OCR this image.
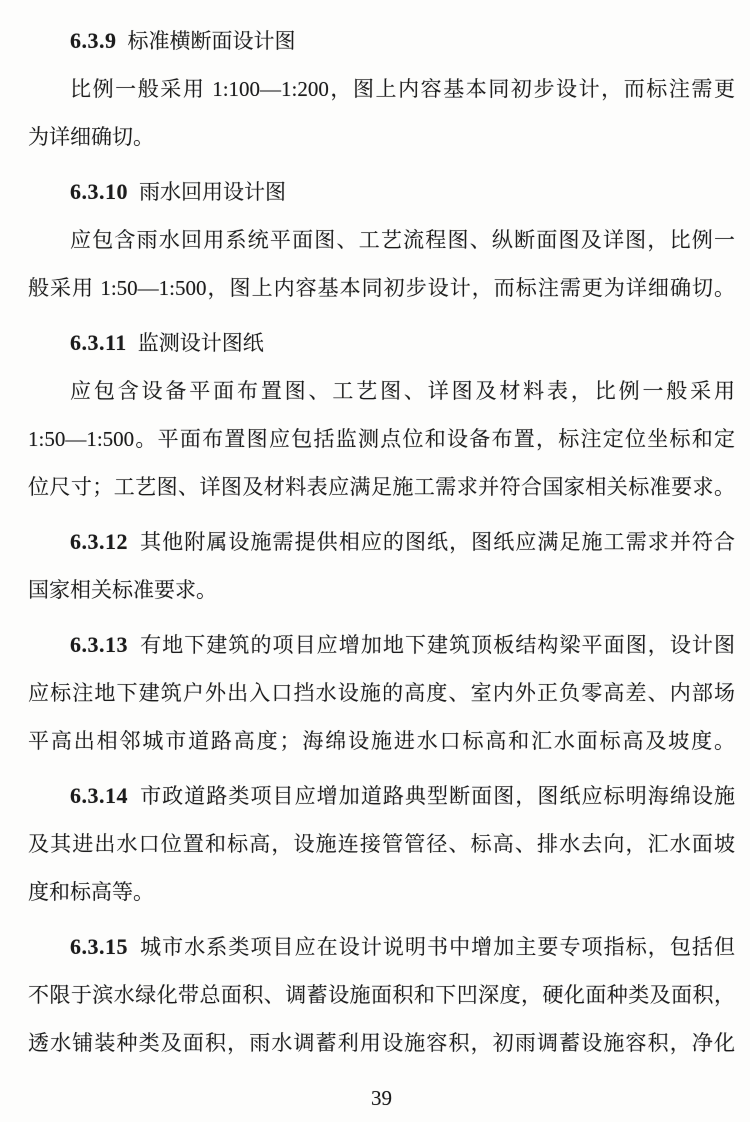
6.3.9 标准横断面设计图
比例一般采用 1:100—1:200，图上内容基本同初步设计，而标注需更
为详细确切。
6.3.10 雨水回用设计图
应包含雨水回用系统平面图、工艺流程图、纵断面图及详图，比例一
般采用 1:50—1:500，图上内容基本同初步设计，而标注需更为详细确切。
6.3.11 监测设计图纸
应包含设备平面布置图、工艺图、详图及材料表，比例一般采用
1:50—1:500。平面布置图应包括监测点位和设备布置，标注定位坐标和定
位尺寸；工艺图、详图及材料表应满足施工需求并符合国家相关标准要求。
6.3.12 其他附属设施需提供相应的图纸，图纸应满足施工需求并符合
国家相关标准要求。
6.3.13 有地下建筑的项目应增加地下建筑顶板结构梁平面图，设计图
应标注地下建筑户外出入口挡水设施的高度、室内外正负零高差、内部场
平高出相邻城市道路高度；海绵设施进水口标高和汇水面标高及坡度。
6.3.14 市政道路类项目应增加道路典型断面图，图纸应标明海绵设施
及其进出水口位置和标高，设施连接管管径、标高、排水去向，汇水面坡
度和标高等。
6.3.15 城市水系类项目应在设计说明书中增加主要专项指标，包括但
不限于滨水绿化带总面积、调蓄设施面积和下凹深度，硬化面种类及面积，
透水铺装种类及面积，雨水调蓄利用设施容积，初雨调蓄设施容积，净化
39
